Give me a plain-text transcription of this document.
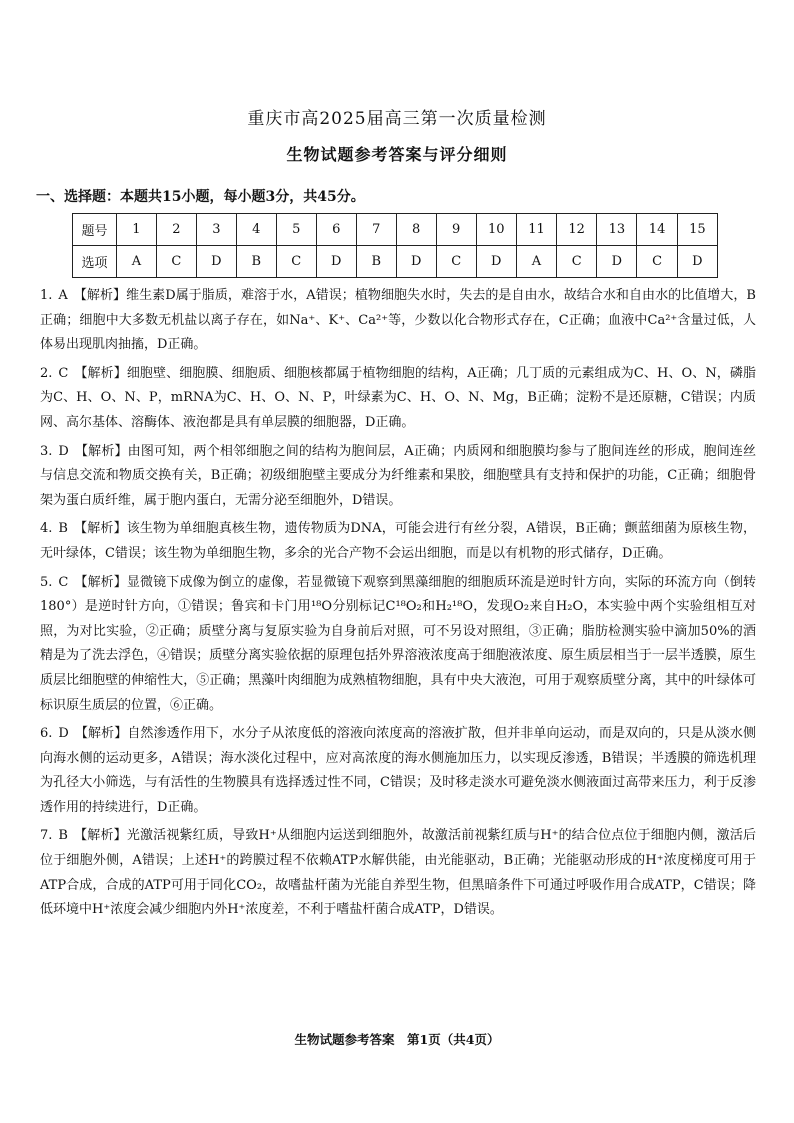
重庆市高2025届高三第一次质量检测
生物试题参考答案与评分细则
一、选择题：本题共15小题，每小题3分，共45分。
题号	1	2	3	4	5	6	7	8	9	10	11	12	13	14	15
选项	A	C	D	B	C	D	B	D	C	D	A	C	D	C	D
1. A 【解析】维生素D属于脂质，难溶于水，A错误；植物细胞失水时，失去的是自由水，故结合水和自由水的比值增大，B正确；细胞中大多数无机盐以离子存在，如Na⁺、K⁺、Ca²⁺等，少数以化合物形式存在，C正确；血液中Ca²⁺含量过低，人体易出现肌肉抽搐，D正确。
2. C 【解析】细胞壁、细胞膜、细胞质、细胞核都属于植物细胞的结构，A正确；几丁质的元素组成为C、H、O、N，磷脂为C、H、O、N、P，mRNA为C、H、O、N、P，叶绿素为C、H、O、N、Mg，B正确；淀粉不是还原糖，C错误；内质网、高尔基体、溶酶体、液泡都是具有单层膜的细胞器，D正确。
3. D 【解析】由图可知，两个相邻细胞之间的结构为胞间层，A正确；内质网和细胞膜均参与了胞间连丝的形成，胞间连丝与信息交流和物质交换有关，B正确；初级细胞壁主要成分为纤维素和果胶，细胞壁具有支持和保护的功能，C正确；细胞骨架为蛋白质纤维，属于胞内蛋白，无需分泌至细胞外，D错误。
4. B 【解析】该生物为单细胞真核生物，遗传物质为DNA，可能会进行有丝分裂，A错误，B正确；颤蓝细菌为原核生物，无叶绿体，C错误；该生物为单细胞生物，多余的光合产物不会运出细胞，而是以有机物的形式储存，D正确。
5. C 【解析】显微镜下成像为倒立的虚像，若显微镜下观察到黑藻细胞的细胞质环流是逆时针方向，实际的环流方向（倒转180°）是逆时针方向，①错误；鲁宾和卡门用¹⁸O分别标记C¹⁸O₂和H₂¹⁸O，发现O₂来自H₂O，本实验中两个实验组相互对照，为对比实验，②正确；质壁分离与复原实验为自身前后对照，可不另设对照组，③正确；脂肪检测实验中滴加50%的酒精是为了洗去浮色，④错误；质壁分离实验依据的原理包括外界溶液浓度高于细胞液浓度、原生质层相当于一层半透膜，原生质层比细胞壁的伸缩性大，⑤正确；黑藻叶肉细胞为成熟植物细胞，具有中央大液泡，可用于观察质壁分离，其中的叶绿体可标识原生质层的位置，⑥正确。
6. D 【解析】自然渗透作用下，水分子从浓度低的溶液向浓度高的溶液扩散，但并非单向运动，而是双向的，只是从淡水侧向海水侧的运动更多，A错误；海水淡化过程中，应对高浓度的海水侧施加压力，以实现反渗透，B错误；半透膜的筛选机理为孔径大小筛选，与有活性的生物膜具有选择透过性不同，C错误；及时移走淡水可避免淡水侧液面过高带来压力，利于反渗透作用的持续进行，D正确。
7. B 【解析】光激活视紫红质，导致H⁺从细胞内运送到细胞外，故激活前视紫红质与H⁺的结合位点位于细胞内侧，激活后位于细胞外侧，A错误；上述H⁺的跨膜过程不依赖ATP水解供能，由光能驱动，B正确；光能驱动形成的H⁺浓度梯度可用于ATP合成，合成的ATP可用于同化CO₂，故嗜盐杆菌为光能自养型生物，但黑暗条件下可通过呼吸作用合成ATP，C错误；降低环境中H⁺浓度会减少细胞内外H⁺浓度差，不利于嗜盐杆菌合成ATP，D错误。
生物试题参考答案　第1页（共4页）
